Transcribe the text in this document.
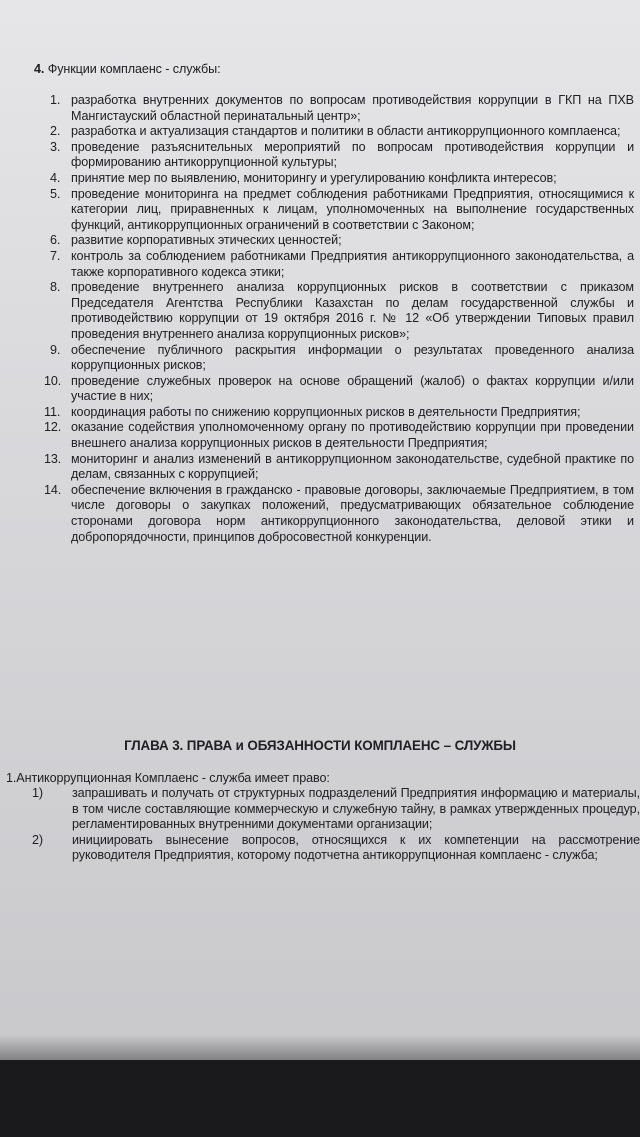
4. Функции комплаенс - службы:
1. разработка внутренних документов по вопросам противодействия коррупции в ГКП на ПХВ Мангистауский областной перинатальный центр»;
2. разработка и актуализация стандартов и политики в области антикоррупционного комплаенса;
3. проведение разъяснительных мероприятий по вопросам противодействия коррупции и формированию антикоррупционной культуры;
4. принятие мер по выявлению, мониторингу и урегулированию конфликта интересов;
5. проведение мониторинга на предмет соблюдения работниками Предприятия, относящимися к категории лиц, приравненных к лицам, уполномоченных на выполнение государственных функций, антикоррупционных ограничений в соответствии с Законом;
6. развитие корпоративных этических ценностей;
7. контроль за соблюдением работниками Предприятия антикоррупционного законодательства, а также корпоративного кодекса этики;
8. проведение внутреннего анализа коррупционных рисков в соответствии с приказом Председателя Агентства Республики Казахстан по делам государственной службы и противодействию коррупции от 19 октября 2016 г. № 12 «Об утверждении Типовых правил проведения внутреннего анализа коррупционных рисков»;
9. обеспечение публичного раскрытия информации о результатах проведенного анализа коррупционных рисков;
10. проведение служебных проверок на основе обращений (жалоб) о фактах коррупции и/или участие в них;
11. координация работы по снижению коррупционных рисков в деятельности Предприятия;
12. оказание содействия уполномоченному органу по противодействию коррупции при проведении внешнего анализа коррупционных рисков в деятельности Предприятия;
13. мониторинг и анализ изменений в антикоррупционном законодательстве, судебной практике по делам, связанных с коррупцией;
14. обеспечение включения в гражданско - правовые договоры, заключаемые Предприятием, в том числе договоры о закупках положений, предусматривающих обязательное соблюдение сторонами договора норм антикоррупционного законодательства, деловой этики и добропорядочности, принципов добросовестной конкуренции.
ГЛАВА 3. ПРАВА и ОБЯЗАННОСТИ КОМПЛАЕНС – СЛУЖБЫ
1.Антикоррупционная Комплаенс - служба имеет право:
1) запрашивать и получать от структурных подразделений Предприятия информацию и материалы, в том числе составляющие коммерческую и служебную тайну, в рамках утвержденных процедур, регламентированных внутренними документами организации;
2) инициировать вынесение вопросов, относящихся к их компетенции на рассмотрение руководителя Предприятия, которому подотчетна антикоррупционная комплаенс - служба;
